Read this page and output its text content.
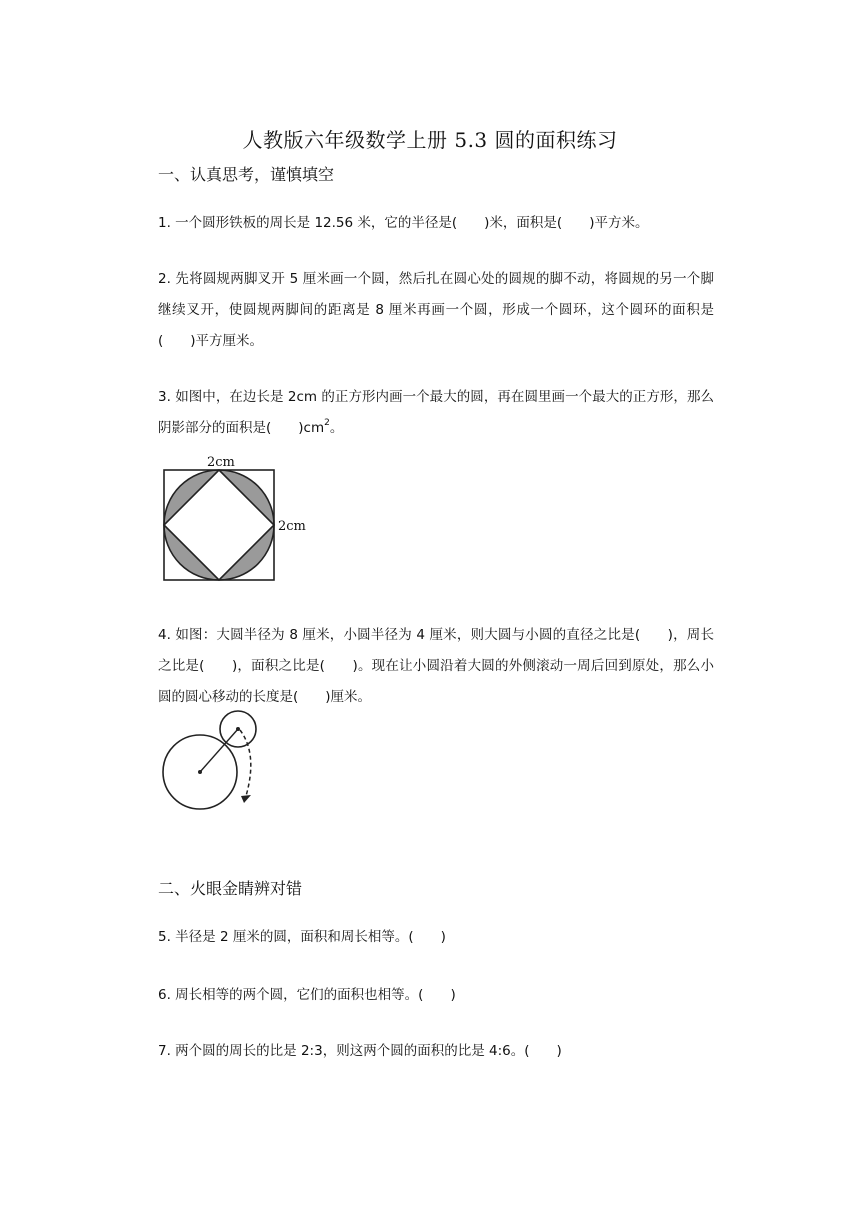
人教版六年级数学上册 5.3 圆的面积练习
一、认真思考，谨慎填空

1. 一个圆形铁板的周长是 12.56 米，它的半径是(　　)米，面积是(　　)平方米。

2. 先将圆规两脚叉开 5 厘米画一个圆，然后扎在圆心处的圆规的脚不动，将圆规的另一个脚继续叉开，使圆规两脚间的距离是 8 厘米再画一个圆，形成一个圆环，这个圆环的面积是(　　)平方厘米。

3. 如图中，在边长是 2cm 的正方形内画一个最大的圆，再在圆里画一个最大的正方形，那么阴影部分的面积是(　　)$cm^2$。

2cm
2cm

4. 如图：大圆半径为 8 厘米，小圆半径为 4 厘米，则大圆与小圆的直径之比是(　　)，周长之比是(　　)，面积之比是(　　)。现在让小圆沿着大圆的外侧滚动一周后回到原处，那么小圆的圆心移动的长度是(　　)厘米。

二、火眼金睛辨对错

5. 半径是 2 厘米的圆，面积和周长相等。(　　)

6. 周长相等的两个圆，它们的面积也相等。(　　)

7. 两个圆的周长的比是 2:3，则这两个圆的面积的比是 4:6。(　　)
